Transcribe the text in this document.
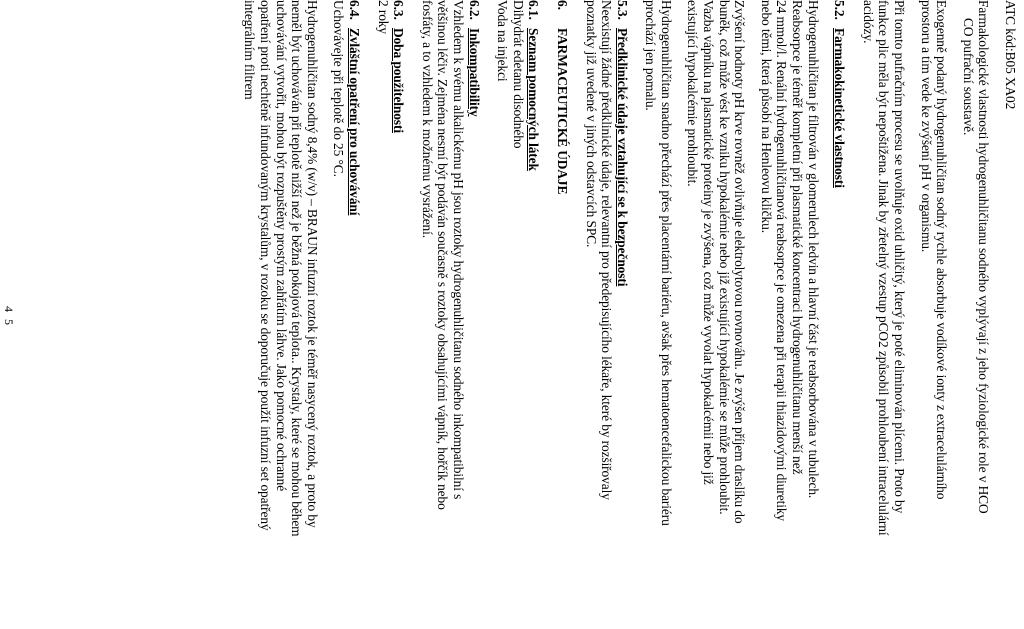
ATC kód:B05 XA02
Farmakologické vlastnosti hydrogenuhličitanu sodného vyplývají z jeho fyziologické role v HCO
CO pufrační soustavě.
Exogenně podaný hydrogenuhličitan sodný rychle absorbuje vodíkové ionty z extracelulárního
prostoru a tím vede ke zvýšení pH v organismu.
Při tomto pufračním procesu se uvolňuje oxid uhličitý, který je poté eliminován plícemi. Proto by
funkce plic měla být nepoštižena. Jinak by zřetelný vzestup pCO2 způsobil prohloubení intracelulární
acidózy.
5.2.Farmakokinetické vlastnosti
Hydrogenuhličitan je filtrován v glomerulech ledvin a hlavní část je reabsorbována v tubulech.
Reabsorpce je téměř kompletní při plasmatické koncentraci hydrogenuhličitanu menší než
24 mmol/l. Renální hydrogenuhličitanová reabsorpce je omezena při terapii thiazidovými diuretiky
nebo těmi, která působí na Henleovu kličku.
Zvýšení hodnoty pH krve rovněž ovlivňuje elektrolytovou rovnováhu. Je zvýšen příjem draslíku do
buněk, což může vést ke vzniku hypokalémie nebo již existující hypokalémie se může prohloubit.
Vazba vápníku na plasmatické proteiny je zvýšena, což může vyvolat hypokalcémii nebo již
existující hypokalcémie prohloubit.
Hydrogenuhličitan snadno přechází přes placentární bariéru, avšak přes hematoencefalickou bariéru
prochází jen pomalu.
5.3.Předklinické údaje vztahující se k bezpečnosti
Neexistují žádné předklinické údaje, relevantní pro předepisujícího lékaře, které by rozšiřovaly
poznatky již uvedené v jiných odstavcích SPC.
6.FARMACEUTICKÉ ÚDAJE
6.1.Seznam pomocných látek
Dihydrát edetanu disodného
Voda na injekci
6.2.Inkompatibility
Vzhledem k svému alkalickému pH jsou roztoky hydrogenuhličitanu sodného inkompatibilní s
většinou léčiv. Zejména nesmí být podáván současně s roztoky obsahujícími vápník, hořčík nebo
fosfáty, a to vzhledem k možnému vysrážení.
6.3.Doba použitelnosti
2 roky
6.4.Zvláštní opatření pro uchovávání
Uchovávejte při teplotě do 25 °C.
Hydrogenuhličitan sodný 8,4% (w/v) – BRAUN infuzní roztok je téměř nasycený roztok, a proto by
neměl být uchováván při teplotě nižší než je běžná pokojová teplota.. Krystaly, které se mohou během
uchovávání vytvořit, mohou být rozpuštěny prostým zahřátím láhve. Jako pomocné ochranné
opatření proti nechtěně infundovaným krystalům, v rozoku se doporučuje použít infuzní set opatřený
integrálním filtrem
4 5
